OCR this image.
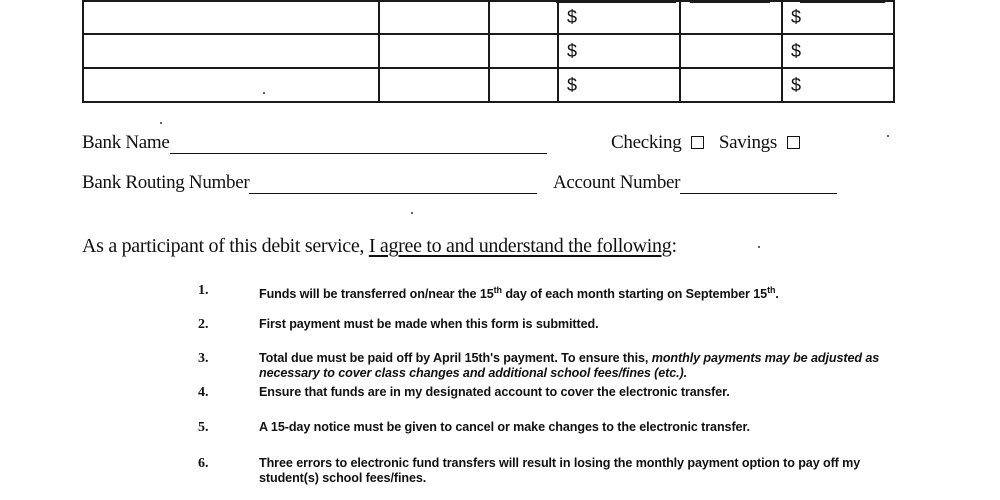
			$		$
			$		$
			$		$
Bank Name	Checking Savings
Bank Routing Number	Account Number
As a participant of this debit service, I agree to and understand the following:
1.	Funds will be transferred on/near the 15th day of each month starting on September 15th.
2.	First payment must be made when this form is submitted.
3.	Total due must be paid off by April 15th's payment. To ensure this, monthly payments may be adjusted as necessary to cover class changes and additional school fees/fines (etc.).
4.	Ensure that funds are in my designated account to cover the electronic transfer.
5.	A 15-day notice must be given to cancel or make changes to the electronic transfer.
6.	Three errors to electronic fund transfers will result in losing the monthly payment option to pay off my student(s) school fees/fines.
